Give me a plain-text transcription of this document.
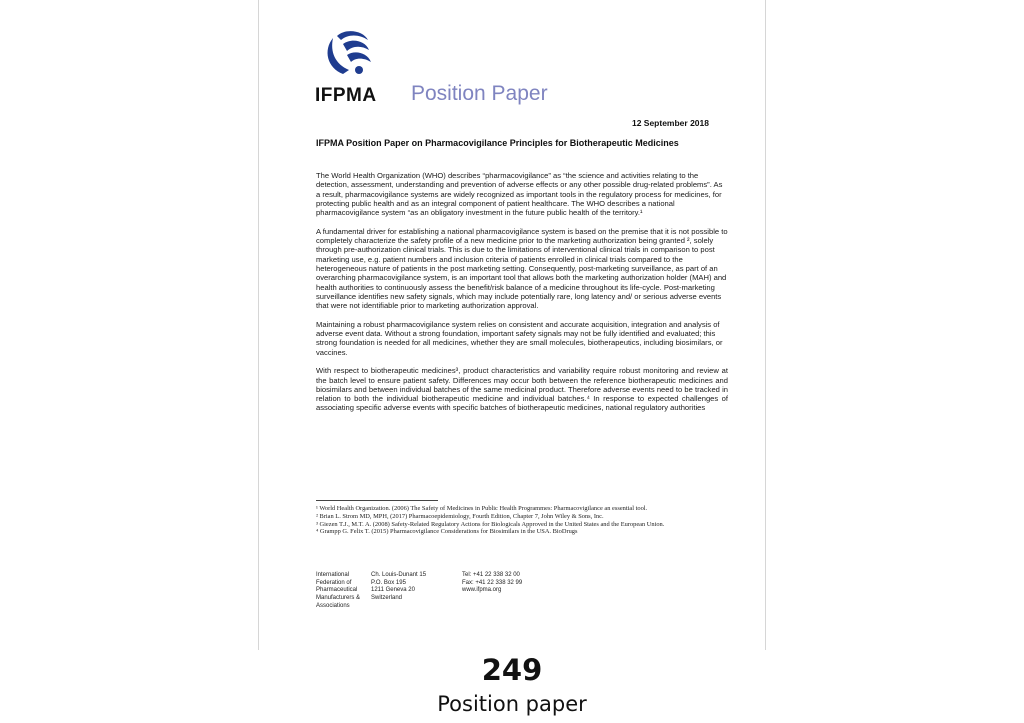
IFPMA Position Paper
12 September 2018
IFPMA Position Paper on Pharmacovigilance Principles for Biotherapeutic Medicines

The World Health Organization (WHO) describes “pharmacovigilance” as “the science and activities relating to the detection, assessment, understanding and prevention of adverse effects or any other possible drug-related problems”. As a result, pharmacovigilance systems are widely recognized as important tools in the regulatory process for medicines, for protecting public health and as an integral component of patient healthcare. The WHO describes a national pharmacovigilance system “as an obligatory investment in the future public health of the territory.¹

A fundamental driver for establishing a national pharmacovigilance system is based on the premise that it is not possible to completely characterize the safety profile of a new medicine prior to the marketing authorization being granted ², solely through pre-authorization clinical trials. This is due to the limitations of interventional clinical trials in comparison to post marketing use, e.g. patient numbers and inclusion criteria of patients enrolled in clinical trials compared to the heterogeneous nature of patients in the post marketing setting. Consequently, post-marketing surveillance, as part of an overarching pharmacovigilance system, is an important tool that allows both the marketing authorization holder (MAH) and health authorities to continuously assess the benefit/risk balance of a medicine throughout its life-cycle. Post-marketing surveillance identifies new safety signals, which may include potentially rare, long latency and/ or serious adverse events that were not identifiable prior to marketing authorization approval.

Maintaining a robust pharmacovigilance system relies on consistent and accurate acquisition, integration and analysis of adverse event data. Without a strong foundation, important safety signals may not be fully identified and evaluated; this strong foundation is needed for all medicines, whether they are small molecules, biotherapeutics, including biosimilars, or vaccines.

With respect to biotherapeutic medicines³, product characteristics and variability require robust monitoring and review at the batch level to ensure patient safety. Differences may occur both between the reference biotherapeutic medicines and biosimilars and between individual batches of the same medicinal product. Therefore adverse events need to be tracked in relation to both the individual biotherapeutic medicine and individual batches.⁴ In response to expected challenges of associating specific adverse events with specific batches of biotherapeutic medicines, national regulatory authorities

¹ World Health Organization. (2006) The Safety of Medicines in Public Health Programmes: Pharmacovigilance an essential tool.
² Brian L. Strom MD, MPH, (2017) Pharmacoepidemiology, Fourth Edition, Chapter 7, John Wiley & Sons, Inc.
³ Giezen T.J., M.T. A. (2008) Safety-Related Regulatory Actions for Biologicals Approved in the United States and the European Union.
⁴ Grampp G. Felix T. (2015) Pharmacovigilance Considerations for Biosimilars in the USA. BioDrugs
International
Federation of
Pharmaceutical
Manufacturers &
Associations
Ch. Louis-Dunant 15
P.O. Box 195
1211 Geneva 20
Switzerland
Tel: +41 22 338 32 00
Fax: +41 22 338 32 99
www.ifpma.org
249
Position paper
